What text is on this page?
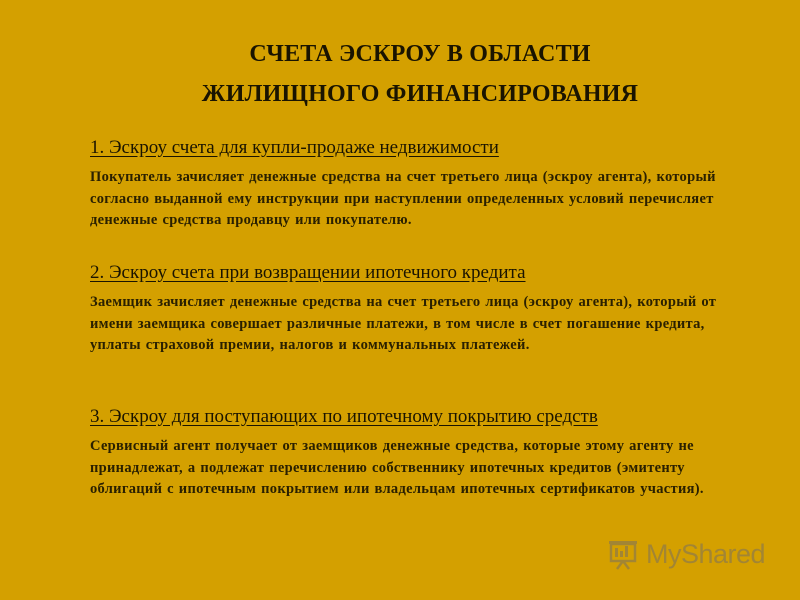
СЧЕТА ЭСКРОУ В ОБЛАСТИ
ЖИЛИЩНОГО ФИНАНСИРОВАНИЯ
1. Эскроу счета для купли-продаже недвижимости
Покупатель зачисляет денежные средства на счет третьего лица (эскроу агента), который согласно выданной ему инструкции при наступлении определенных условий перечисляет денежные средства продавцу или покупателю.
2. Эскроу счета при возвращении ипотечного кредита
Заемщик зачисляет денежные средства на счет третьего лица (эскроу агента), который от имени заемщика совершает различные платежи, в том числе в счет погашение кредита, уплаты страховой премии, налогов и коммунальных платежей.
3. Эскроу для поступающих по ипотечному покрытию средств
Сервисный агент получает от заемщиков денежные средства, которые этому агенту не принадлежат, а подлежат перечислению собственнику ипотечных кредитов (эмитенту облигаций с ипотечным покрытием или владельцам ипотечных сертификатов участия).
MyShared
